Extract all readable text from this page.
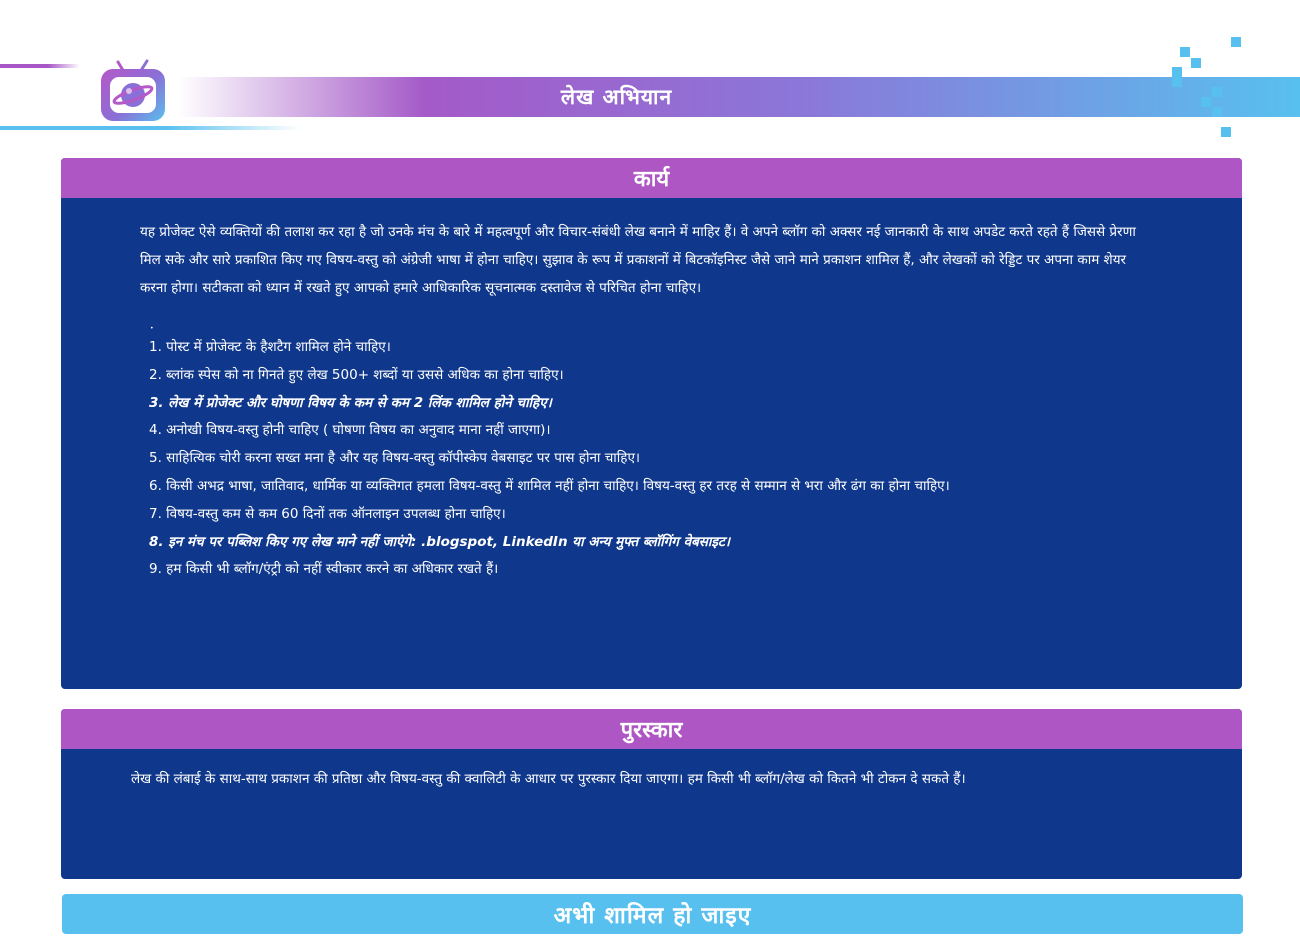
लेख अभियान
कार्य

यह प्रोजेक्ट ऐसे व्यक्तियों की तलाश कर रहा है जो उनके मंच के बारे में महत्वपूर्ण और विचार-संबंधी लेख बनाने में माहिर हैं। वे अपने ब्लॉग को अक्सर नई जानकारी के साथ अपडेट करते रहते हैं जिससे प्रेरणा मिल सके और सारे प्रकाशित किए गए विषय-वस्तु को अंग्रेजी भाषा में होना चाहिए। सुझाव के रूप में प्रकाशनों में बिटकॉइनिस्ट जैसे जाने माने प्रकाशन शामिल हैं, और लेखकों को रेड्डिट पर अपना काम शेयर करना होगा। सटीकता को ध्यान में रखते हुए आपको हमारे आधिकारिक सूचनात्मक दस्तावेज से परिचित होना चाहिए।

•
1. पोस्ट में प्रोजेक्ट के हैशटैग शामिल होने चाहिए।
2. ब्लांक स्पेस को ना गिनते हुए लेख 500+ शब्दों या उससे अधिक का होना चाहिए।
3. लेख में प्रोजेक्ट और घोषणा विषय के कम से कम 2 लिंक शामिल होने चाहिए।
4. अनोखी विषय-वस्तु होनी चाहिए ( घोषणा विषय का अनुवाद माना नहीं जाएगा)।
5. साहित्यिक चोरी करना सख्त मना है और यह विषय-वस्तु कॉपीस्केप वेबसाइट पर पास होना चाहिए।
6. किसी अभद्र भाषा, जातिवाद, धार्मिक या व्यक्तिगत हमला विषय-वस्तु में शामिल नहीं होना चाहिए। विषय-वस्तु हर तरह से सम्मान से भरा और ढंग का होना चाहिए।
7. विषय-वस्तु कम से कम 60 दिनों तक ऑनलाइन उपलब्ध होना चाहिए।
8. इन मंच पर पब्लिश किए गए लेख माने नहीं जाएंगे: .blogspot, LinkedIn या अन्य मुफ्त ब्लॉगिंग वेबसाइट।
9. हम किसी भी ब्लॉग/एंट्री को नहीं स्वीकार करने का अधिकार रखते हैं।
पुरस्कार

लेख की लंबाई के साथ-साथ प्रकाशन की प्रतिष्ठा और विषय-वस्तु की क्वालिटी के आधार पर पुरस्कार दिया जाएगा। हम किसी भी ब्लॉग/लेख को कितने भी टोकन दे सकते हैं।

अभी शामिल हो जाइए
